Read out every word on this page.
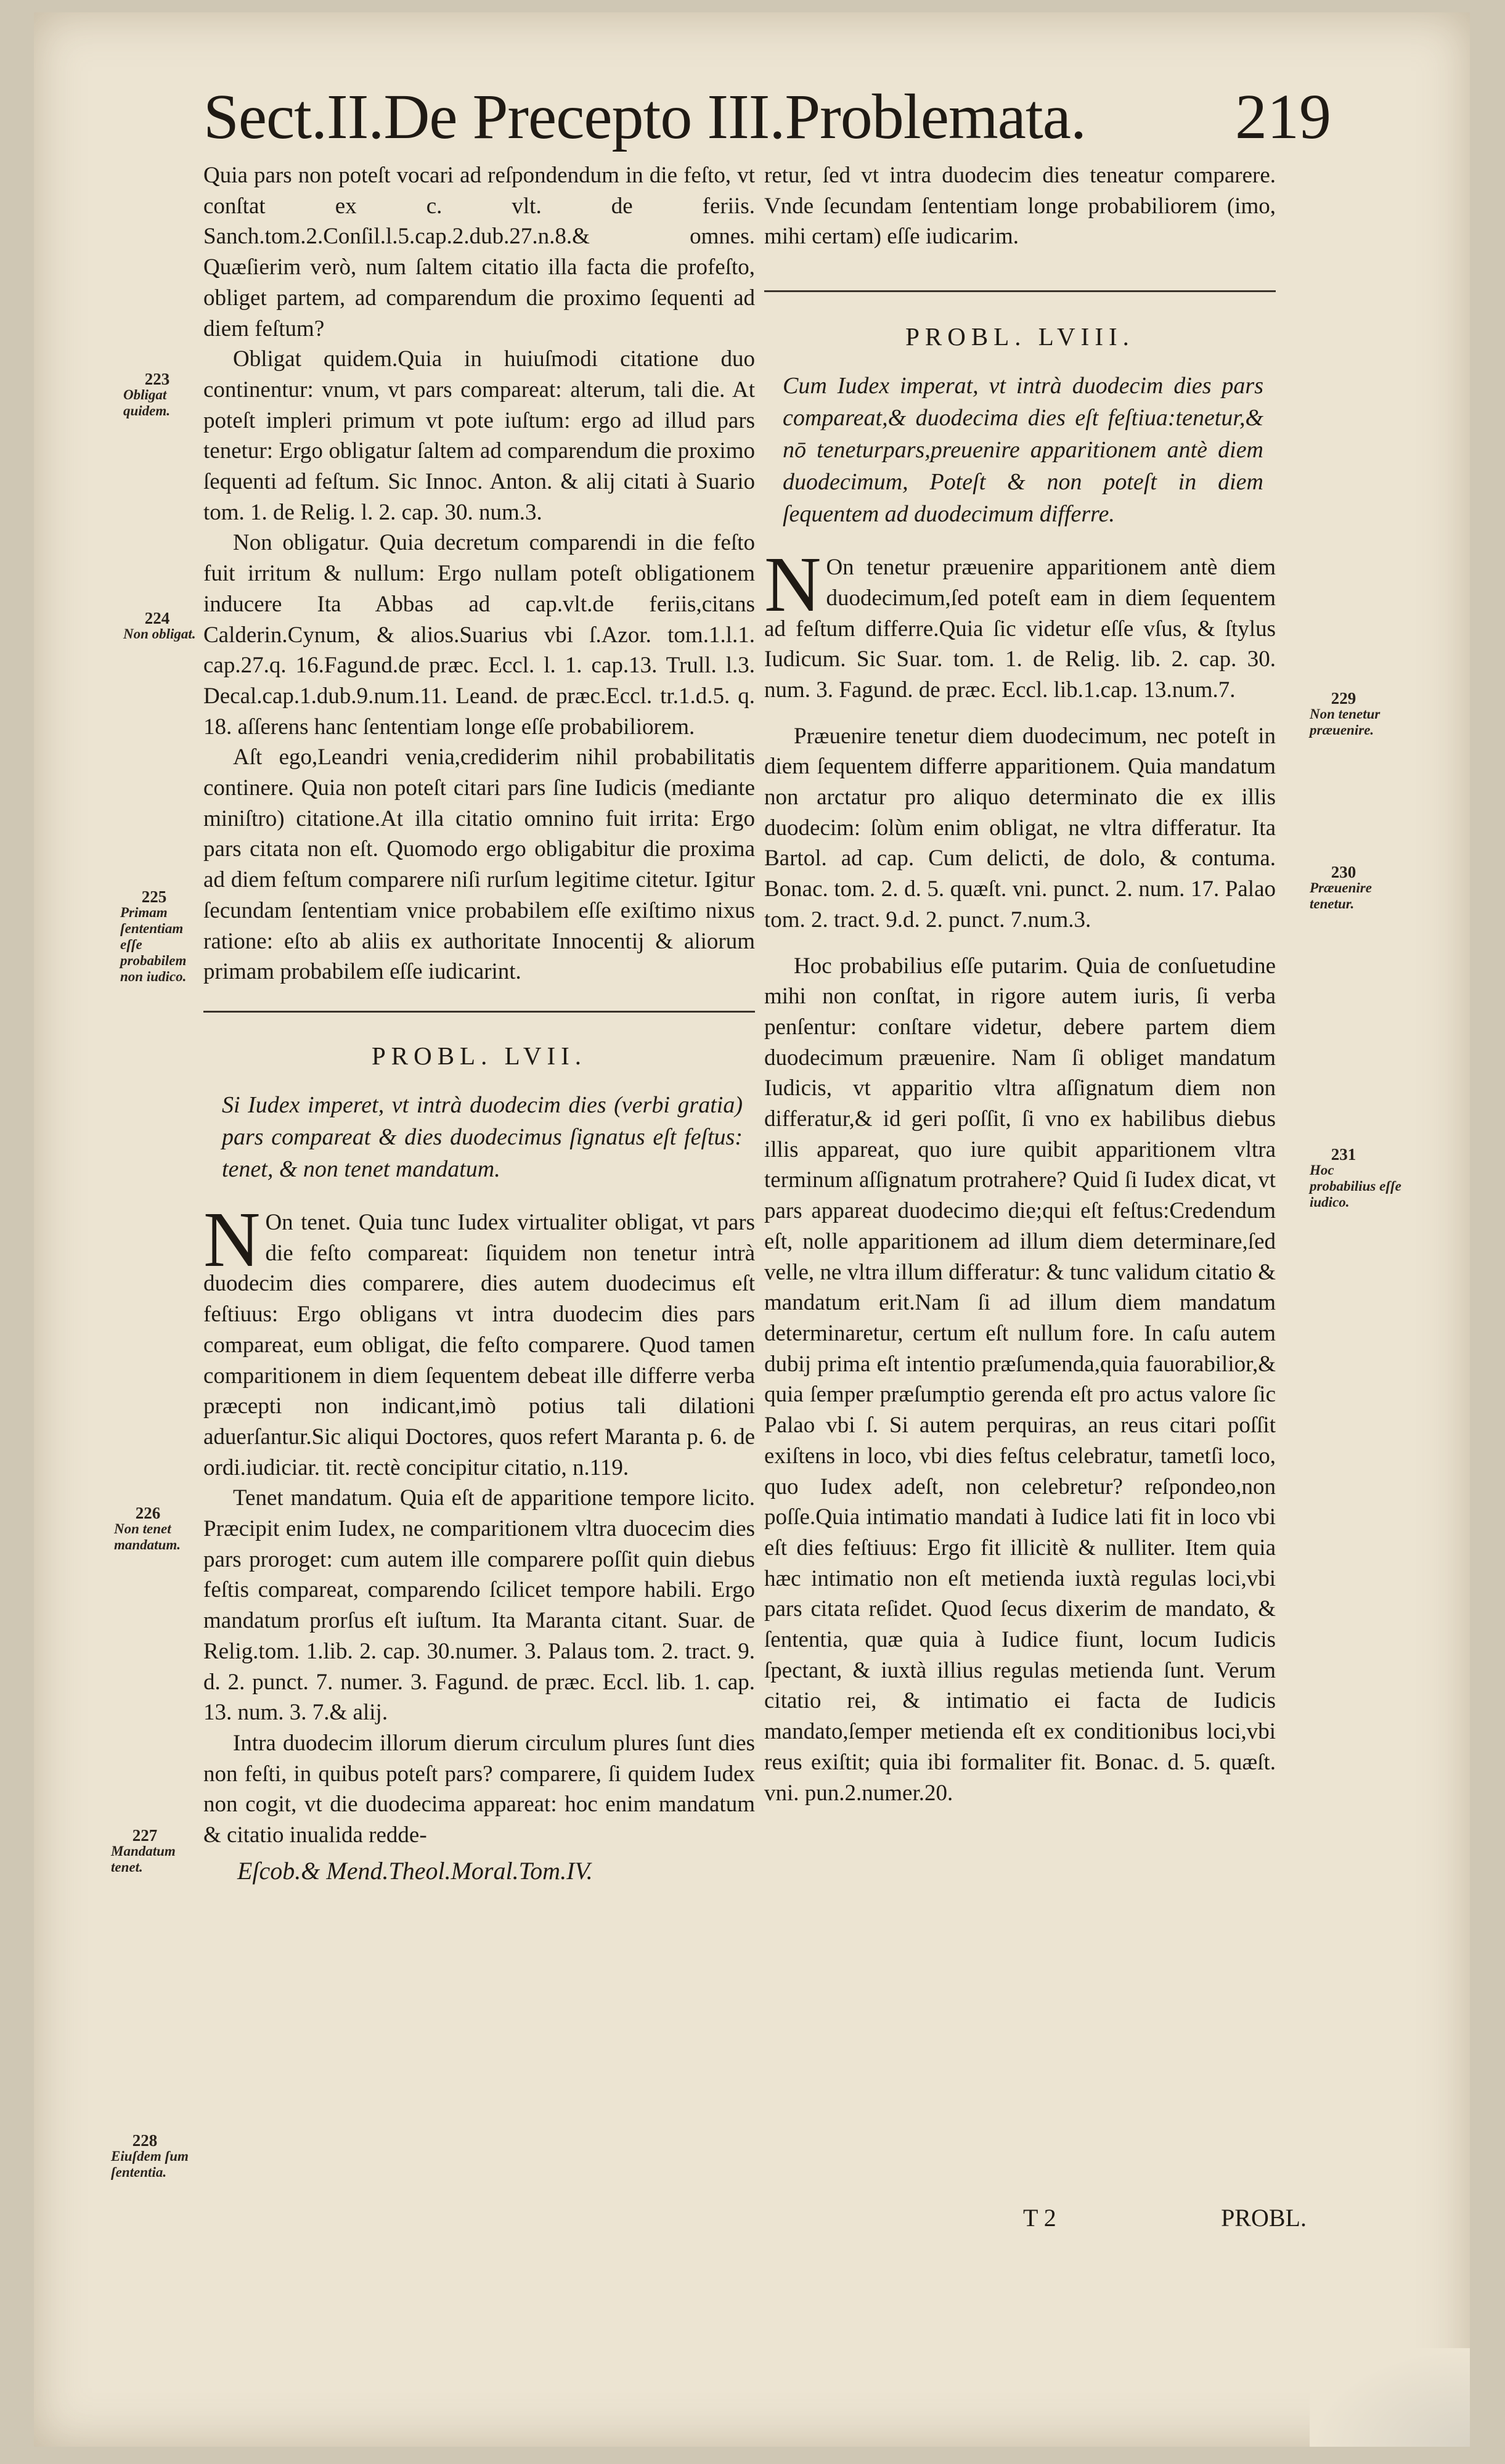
Sect.II.De Precepto III.Problemata. 219

Quia pars non poteſt vocari ad reſpondendum in die feſto, vt conſtat ex c. vlt. de feriis. Sanch.tom.2.Conſil.l.5.cap.2.dub.27.n.8.& omnes. Quæſierim verò, num ſaltem citatio illa facta die profeſto, obliget partem, ad comparendum die proximo ſequenti ad diem feſtum?

Obligat quidem.Quia in huiuſmodi citatione duo continentur: vnum, vt pars compareat: alterum, tali die. At poteſt impleri primum vt pote iuſtum: ergo ad illud pars tenetur: Ergo obligatur ſaltem ad comparendum die proximo ſequenti ad feſtum. Sic Innoc. Anton. & alij citati à Suario tom. 1. de Relig. l. 2. cap. 30. num.3.

Non obligatur. Quia decretum comparendi in die feſto fuit irritum & nullum: Ergo nullam poteſt obligationem inducere Ita Abbas ad cap.vlt.de feriis,citans Calderin.Cynum, & alios.Suarius vbi ſ.Azor. tom.1.l.1. cap.27.q. 16.Fagund.de præc. Eccl. l. 1. cap.13. Trull. l.3. Decal.cap.1.dub.9.num.11. Leand. de præc.Eccl. tr.1.d.5. q. 18. aſſerens hanc ſententiam longe eſſe probabiliorem.

Aſt ego,Leandri venia,crediderim nihil probabilitatis continere. Quia non poteſt citari pars ſine Iudicis (mediante miniſtro) citatione.At illa citatio omnino fuit irrita: Ergo pars citata non eſt. Quomodo ergo obligabitur die proxima ad diem feſtum comparere niſi rurſum legitime citetur. Igitur ſecundam ſententiam vnice probabilem eſſe exiſtimo nixus ratione: eſto ab aliis ex authoritate Innocentij & aliorum primam probabilem eſſe iudicarint.

PROBL. LVII.
Si Iudex imperet, vt intrà duodecim dies (verbi gratia) pars compareat & dies duodecimus ſignatus eſt feſtus: tenet, & non tenet mandatum.
N On tenet. Quia tunc Iudex virtualiter obligat, vt pars die feſto compareat: ſiquidem non tenetur intrà duodecim dies comparere, dies autem duodecimus eſt feſtiuus: Ergo obligans vt intra duodecim dies pars compareat, eum obligat, die feſto comparere. Quod tamen comparitionem in diem ſequentem debeat ille differre verba præcepti non indicant,imò potius tali dilationi aduerſantur.Sic aliqui Doctores, quos refert Maranta p. 6. de ordi.iudiciar. tit. rectè concipitur citatio, n.119.

Tenet mandatum. Quia eſt de apparitione tempore licito. Præcipit enim Iudex, ne comparitionem vltra duocecim dies pars proroget: cum autem ille comparere poſſit quin diebus feſtis compareat, comparendo ſcilicet tempore habili. Ergo mandatum prorſus eſt iuſtum. Ita Maranta citant. Suar. de Relig.tom. 1.lib. 2. cap. 30.numer. 3. Palaus tom. 2. tract. 9. d. 2. punct. 7. numer. 3. Fagund. de præc. Eccl. lib. 1. cap. 13. num. 3. 7.& alij.

Intra duodecim illorum dierum circulum plures ſunt dies non feſti, in quibus poteſt pars? comparere, ſi quidem Iudex non cogit, vt die duodecima appareat: hoc enim mandatum & citatio inualida redde-

Eſcob.& Mend.Theol.Moral.Tom.IV.

retur, ſed vt intra duodecim dies teneatur comparere. Vnde ſecundam ſententiam longe probabiliorem (imo, mihi certam) eſſe iudicarim.

PROBL. LVIII.
Cum Iudex imperat, vt intrà duodecim dies pars compareat,& duodecima dies eſt feſtiua:tenetur,& nō teneturpars,preuenire apparitionem antè diem duodecimum, Poteſt & non poteſt in diem ſequentem ad duodecimum differre.
N On tenetur præuenire apparitionem antè diem duodecimum,ſed poteſt eam in diem ſequentem ad feſtum differre.Quia ſic videtur eſſe vſus, & ſtylus Iudicum. Sic Suar. tom. 1. de Relig. lib. 2. cap. 30. num. 3. Fagund. de præc. Eccl. lib.1.cap. 13.num.7.

Præuenire tenetur diem duodecimum, nec poteſt in diem ſequentem differre apparitionem. Quia mandatum non arctatur pro aliquo determinato die ex illis duodecim: ſolùm enim obligat, ne vltra differatur. Ita Bartol. ad cap. Cum delicti, de dolo, & contuma. Bonac. tom. 2. d. 5. quæſt. vni. punct. 2. num. 17. Palao tom. 2. tract. 9.d. 2. punct. 7.num.3.

Hoc probabilius eſſe putarim. Quia de conſuetudine mihi non conſtat, in rigore autem iuris, ſi verba penſentur: conſtare videtur, debere partem diem duodecimum præuenire. Nam ſi obliget mandatum Iudicis, vt apparitio vltra aſſignatum diem non differatur,& id geri poſſit, ſi vno ex habilibus diebus illis appareat, quo iure quibit apparitionem vltra terminum aſſignatum protrahere? Quid ſi Iudex dicat, vt pars appareat duodecimo die;qui eſt feſtus:Credendum eſt, nolle apparitionem ad illum diem determinare,ſed velle, ne vltra illum differatur: & tunc validum citatio & mandatum erit.Nam ſi ad illum diem mandatum determinaretur, certum eſt nullum fore. In caſu autem dubij prima eſt intentio præſumenda,quia fauorabilior,& quia ſemper præſumptio gerenda eſt pro actus valore ſic Palao vbi ſ. Si autem perquiras, an reus citari poſſit exiſtens in loco, vbi dies feſtus celebratur, tametſi loco, quo Iudex adeſt, non celebretur? reſpondeo,non poſſe.Quia intimatio mandati à Iudice lati fit in loco vbi eſt dies feſtiuus: Ergo fit illicitè & nulliter. Item quia hæc intimatio non eſt metienda iuxtà regulas loci,vbi pars citata reſidet. Quod ſecus dixerim de mandato, & ſententia, quæ quia à Iudice fiunt, locum Iudicis ſpectant, & iuxtà illius regulas metienda ſunt. Verum citatio rei, & intimatio ei facta de Iudicis mandato,ſemper metienda eſt ex conditionibus loci,vbi reus exiſtit; quia ibi formaliter fit. Bonac. d. 5. quæſt. vni. pun.2.numer.20.

223
Obligat quidem.
224
Non obligat.
225
Primam ſententiam eſſe probabilem non iudico.
226
Non tenet mandatum.
227
Mandatum tenet.
228
Eiuſdem ſum ſententia.
229
Non tenetur præuenire.
230
Præuenire tenetur.
231
Hoc probabilius eſſe iudico.
T 2	PROBL.
